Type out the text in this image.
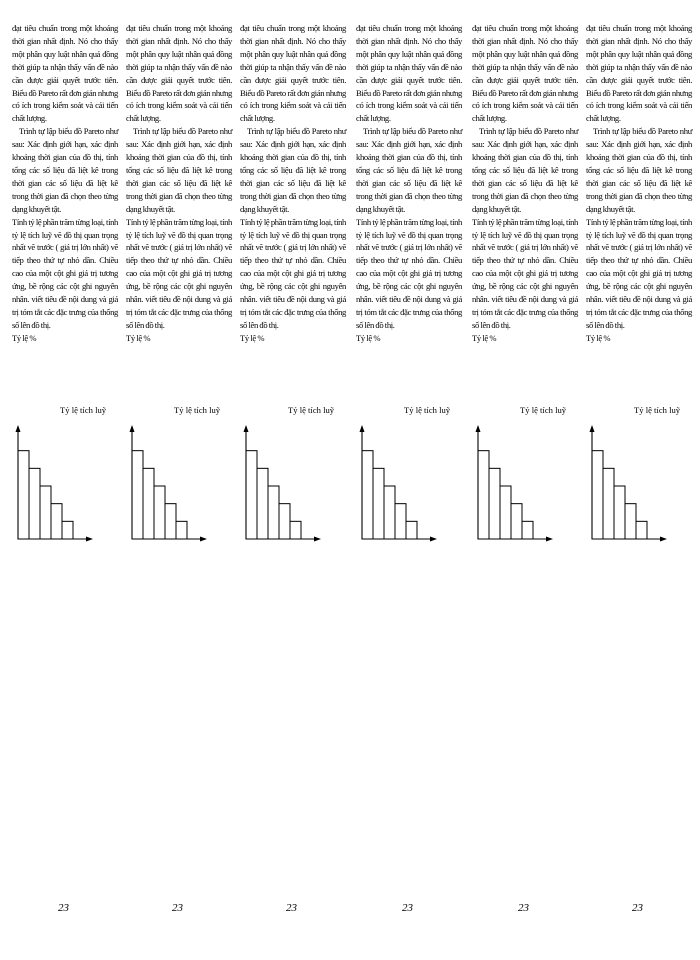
đạt tiêu chuẩn trong một khoảng thời gian nhất định. Nó cho thấy một phân quy luật nhân quả đồng thời giúp ta nhận thấy vấn đề nào cần được giải quyết trước tiên. Biểu đồ Pareto rất đơn giản nhưng có ích trong kiểm soát và cải tiến chất lượng.

Trình tự lập biểu đồ Pareto như sau: Xác định giới hạn, xác định khoảng thời gian của đồ thị, tính tổng các số liệu đã liệt kê trong thời gian các số liệu đã liệt kê trong thời gian đã chọn theo từng dạng khuyết tật.

Tính tỷ lệ phần trăm từng loại, tính tỷ lệ tích luỹ vẽ đồ thị quan trọng nhất vẽ trước ( giá trị lớn nhất) vẽ tiếp theo thứ tự nhỏ dần. Chiều cao của một cột ghi giá trị tương ứng, bề rộng các cột ghi nguyên nhân. viết tiêu đề nội dung và giá trị tóm tắt các đặc trưng của thống số lên đồ thị.

Tỷ lệ %

Tỷ lệ tích luỹ
23

đạt tiêu chuẩn trong một khoảng thời gian nhất định. Nó cho thấy một phân quy luật nhân quả đồng thời giúp ta nhận thấy vấn đề nào cần được giải quyết trước tiên. Biểu đồ Pareto rất đơn giản nhưng có ích trong kiểm soát và cải tiến chất lượng.

Trình tự lập biểu đồ Pareto như sau: Xác định giới hạn, xác định khoảng thời gian của đồ thị, tính tổng các số liệu đã liệt kê trong thời gian các số liệu đã liệt kê trong thời gian đã chọn theo từng dạng khuyết tật.

Tính tỷ lệ phần trăm từng loại, tính tỷ lệ tích luỹ vẽ đồ thị quan trọng nhất vẽ trước ( giá trị lớn nhất) vẽ tiếp theo thứ tự nhỏ dần. Chiều cao của một cột ghi giá trị tương ứng, bề rộng các cột ghi nguyên nhân. viết tiêu đề nội dung và giá trị tóm tắt các đặc trưng của thống số lên đồ thị.

Tỷ lệ %

Tỷ lệ tích luỹ
23

đạt tiêu chuẩn trong một khoảng thời gian nhất định. Nó cho thấy một phân quy luật nhân quả đồng thời giúp ta nhận thấy vấn đề nào cần được giải quyết trước tiên. Biểu đồ Pareto rất đơn giản nhưng có ích trong kiểm soát và cải tiến chất lượng.

Trình tự lập biểu đồ Pareto như sau: Xác định giới hạn, xác định khoảng thời gian của đồ thị, tính tổng các số liệu đã liệt kê trong thời gian các số liệu đã liệt kê trong thời gian đã chọn theo từng dạng khuyết tật.

Tính tỷ lệ phần trăm từng loại, tính tỷ lệ tích luỹ vẽ đồ thị quan trọng nhất vẽ trước ( giá trị lớn nhất) vẽ tiếp theo thứ tự nhỏ dần. Chiều cao của một cột ghi giá trị tương ứng, bề rộng các cột ghi nguyên nhân. viết tiêu đề nội dung và giá trị tóm tắt các đặc trưng của thống số lên đồ thị.

Tỷ lệ %

Tỷ lệ tích luỹ
23

đạt tiêu chuẩn trong một khoảng thời gian nhất định. Nó cho thấy một phân quy luật nhân quả đồng thời giúp ta nhận thấy vấn đề nào cần được giải quyết trước tiên. Biểu đồ Pareto rất đơn giản nhưng có ích trong kiểm soát và cải tiến chất lượng.

Trình tự lập biểu đồ Pareto như sau: Xác định giới hạn, xác định khoảng thời gian của đồ thị, tính tổng các số liệu đã liệt kê trong thời gian các số liệu đã liệt kê trong thời gian đã chọn theo từng dạng khuyết tật.

Tính tỷ lệ phần trăm từng loại, tính tỷ lệ tích luỹ vẽ đồ thị quan trọng nhất vẽ trước ( giá trị lớn nhất) vẽ tiếp theo thứ tự nhỏ dần. Chiều cao của một cột ghi giá trị tương ứng, bề rộng các cột ghi nguyên nhân. viết tiêu đề nội dung và giá trị tóm tắt các đặc trưng của thống số lên đồ thị.

Tỷ lệ %

Tỷ lệ tích luỹ
23

đạt tiêu chuẩn trong một khoảng thời gian nhất định. Nó cho thấy một phân quy luật nhân quả đồng thời giúp ta nhận thấy vấn đề nào cần được giải quyết trước tiên. Biểu đồ Pareto rất đơn giản nhưng có ích trong kiểm soát và cải tiến chất lượng.

Trình tự lập biểu đồ Pareto như sau: Xác định giới hạn, xác định khoảng thời gian của đồ thị, tính tổng các số liệu đã liệt kê trong thời gian các số liệu đã liệt kê trong thời gian đã chọn theo từng dạng khuyết tật.

Tính tỷ lệ phần trăm từng loại, tính tỷ lệ tích luỹ vẽ đồ thị quan trọng nhất vẽ trước ( giá trị lớn nhất) vẽ tiếp theo thứ tự nhỏ dần. Chiều cao của một cột ghi giá trị tương ứng, bề rộng các cột ghi nguyên nhân. viết tiêu đề nội dung và giá trị tóm tắt các đặc trưng của thống số lên đồ thị.

Tỷ lệ %

Tỷ lệ tích luỹ
23

đạt tiêu chuẩn trong một khoảng thời gian nhất định. Nó cho thấy một phân quy luật nhân quả đồng thời giúp ta nhận thấy vấn đề nào cần được giải quyết trước tiên. Biểu đồ Pareto rất đơn giản nhưng có ích trong kiểm soát và cải tiến chất lượng.

Trình tự lập biểu đồ Pareto như sau: Xác định giới hạn, xác định khoảng thời gian của đồ thị, tính tổng các số liệu đã liệt kê trong thời gian các số liệu đã liệt kê trong thời gian đã chọn theo từng dạng khuyết tật.

Tính tỷ lệ phần trăm từng loại, tính tỷ lệ tích luỹ vẽ đồ thị quan trọng nhất vẽ trước ( giá trị lớn nhất) vẽ tiếp theo thứ tự nhỏ dần. Chiều cao của một cột ghi giá trị tương ứng, bề rộng các cột ghi nguyên nhân. viết tiêu đề nội dung và giá trị tóm tắt các đặc trưng của thống số lên đồ thị.

Tỷ lệ %

Tỷ lệ tích luỹ
23
